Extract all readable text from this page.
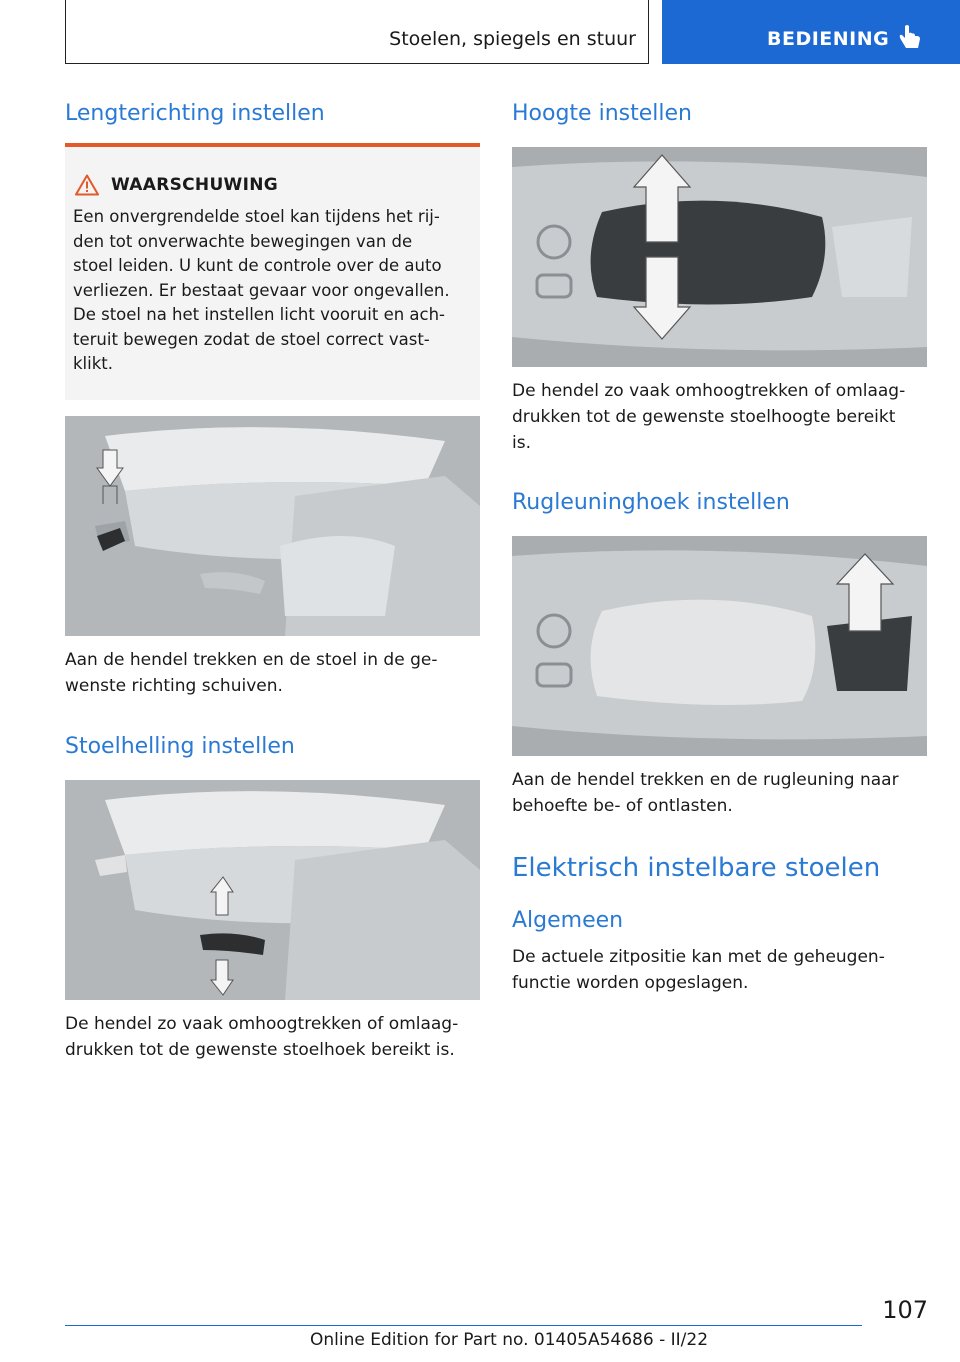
Stoelen, spiegels en stuur	BEDIENING
Lengterichting instellen
WAARSCHUWING

Een onvergrendelde stoel kan tijdens het rij-
den tot onverwachte bewegingen van de
stoel leiden. U kunt de controle over de auto
verliezen. Er bestaat gevaar voor ongevallen.
De stoel na het instellen licht vooruit en ach-
teruit bewegen zodat de stoel correct vast-
klikt.

Aan de hendel trekken en de stoel in de ge-
wenste richting schuiven.

Stoelhelling instellen

De hendel zo vaak omhoogtrekken of omlaag-
drukken tot de gewenste stoelhoek bereikt is.

Hoogte instellen

De hendel zo vaak omhoogtrekken of omlaag-
drukken tot de gewenste stoelhoogte bereikt
is.

Rugleuninghoek instellen

Aan de hendel trekken en de rugleuning naar
behoefte be- of ontlasten.

Elektrisch instelbare stoelen
Algemeen

De actuele zitpositie kan met de geheugen-
functie worden opgeslagen.

107
Online Edition for Part no. 01405A54686 - II/22
